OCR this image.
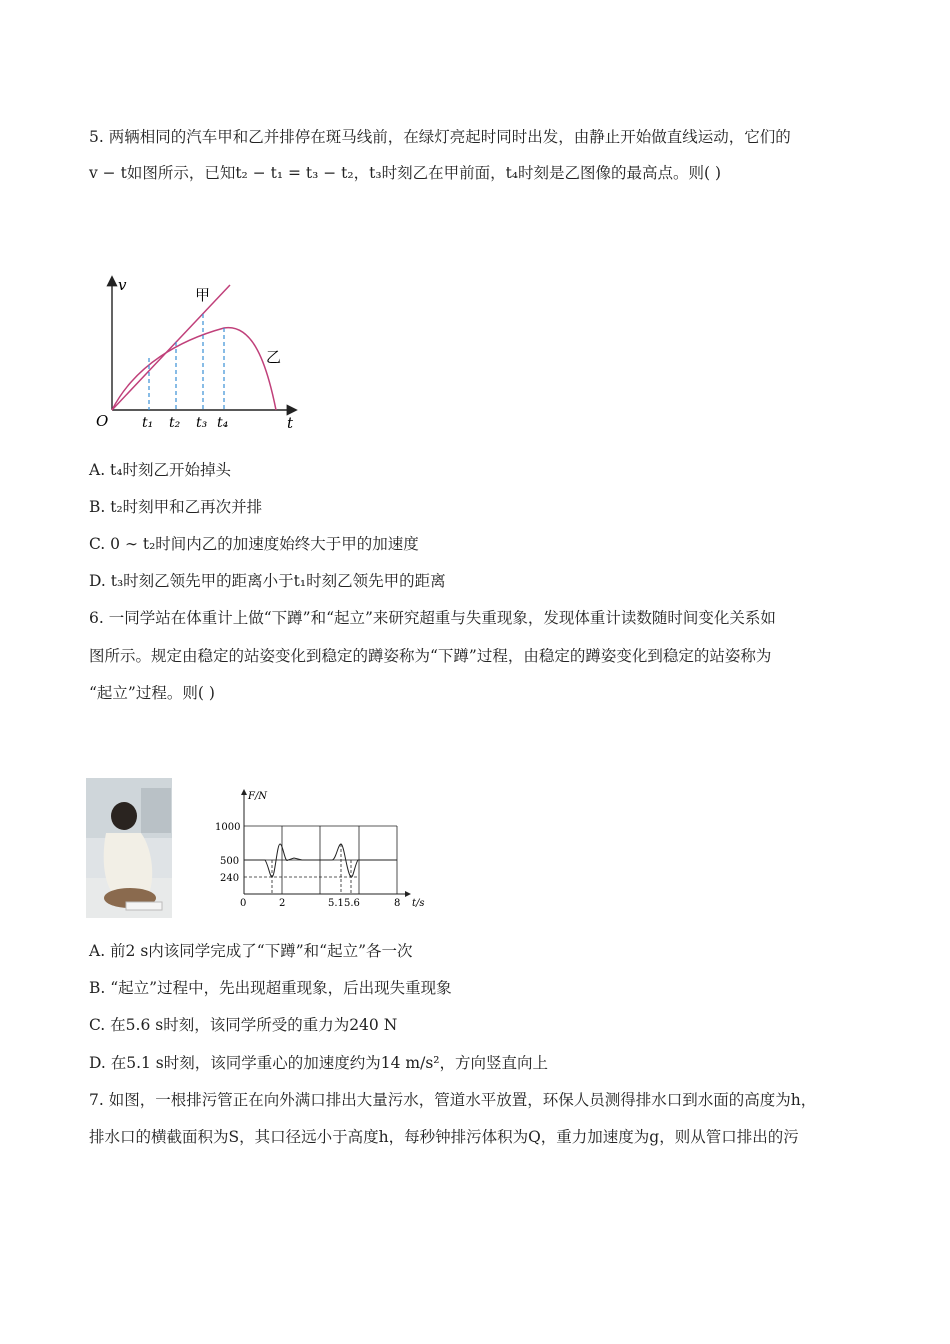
5. 两辆相同的汽车甲和乙并排停在斑马线前，在绿灯亮起时同时出发，由静止开始做直线运动，它们的
v − t如图所示，已知t₂ − t₁ = t₃ − t₂，t₃时刻乙在甲前面，t₄时刻是乙图像的最高点。则( )
v
t
O
甲
乙
t₁ t₂ t₃ t₄
A. t₄时刻乙开始掉头
B. t₂时刻甲和乙再次并排
C. 0 ∼ t₂时间内乙的加速度始终大于甲的加速度
D. t₃时刻乙领先甲的距离小于t₁时刻乙领先甲的距离
6. 一同学站在体重计上做“下蹲”和“起立”来研究超重与失重现象，发现体重计读数随时间变化关系如
图所示。规定由稳定的站姿变化到稳定的蹲姿称为“下蹲”过程，由稳定的蹲姿变化到稳定的站姿称为
“起立”过程。则( )
F/N
t/s
1000
500
240
0	2	5.1 5.6	8
A. 前2 s内该同学完成了“下蹲”和“起立”各一次
B. “起立”过程中，先出现超重现象，后出现失重现象
C. 在5.6 s时刻，该同学所受的重力为240 N
D. 在5.1 s时刻，该同学重心的加速度约为14 m/s²，方向竖直向上
7. 如图，一根排污管正在向外满口排出大量污水，管道水平放置，环保人员测得排水口到水面的高度为h，
排水口的横截面积为S，其口径远小于高度h，每秒钟排污体积为Q，重力加速度为g，则从管口排出的污
